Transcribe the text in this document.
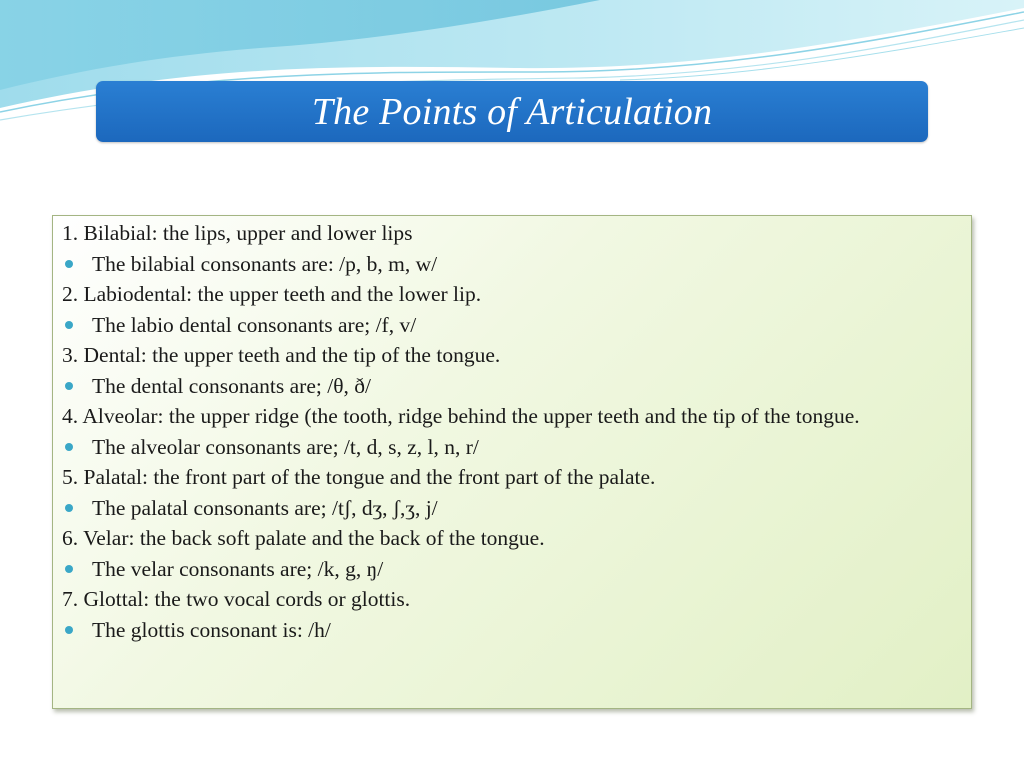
The Points of Articulation
1. Bilabial: the lips, upper and lower lips
The bilabial consonants are: /p, b, m, w/
2. Labiodental: the upper teeth and the lower lip.
The labio dental consonants are; /f, v/
3. Dental: the upper teeth and the tip of the tongue.
The dental consonants are; /θ, ð/
4. Alveolar: the upper ridge (the tooth, ridge behind the upper teeth and the tip of the tongue.
The alveolar consonants are; /t, d, s, z, l, n, r/
5. Palatal: the front part of the tongue and the front part of the palate.
The palatal consonants are; /tʃ, dʒ, ʃ,ʒ, j/
6. Velar: the back soft palate and the back of the tongue.
The velar consonants are; /k, g, ŋ/
7. Glottal: the two vocal cords or glottis.
The glottis consonant is: /h/
